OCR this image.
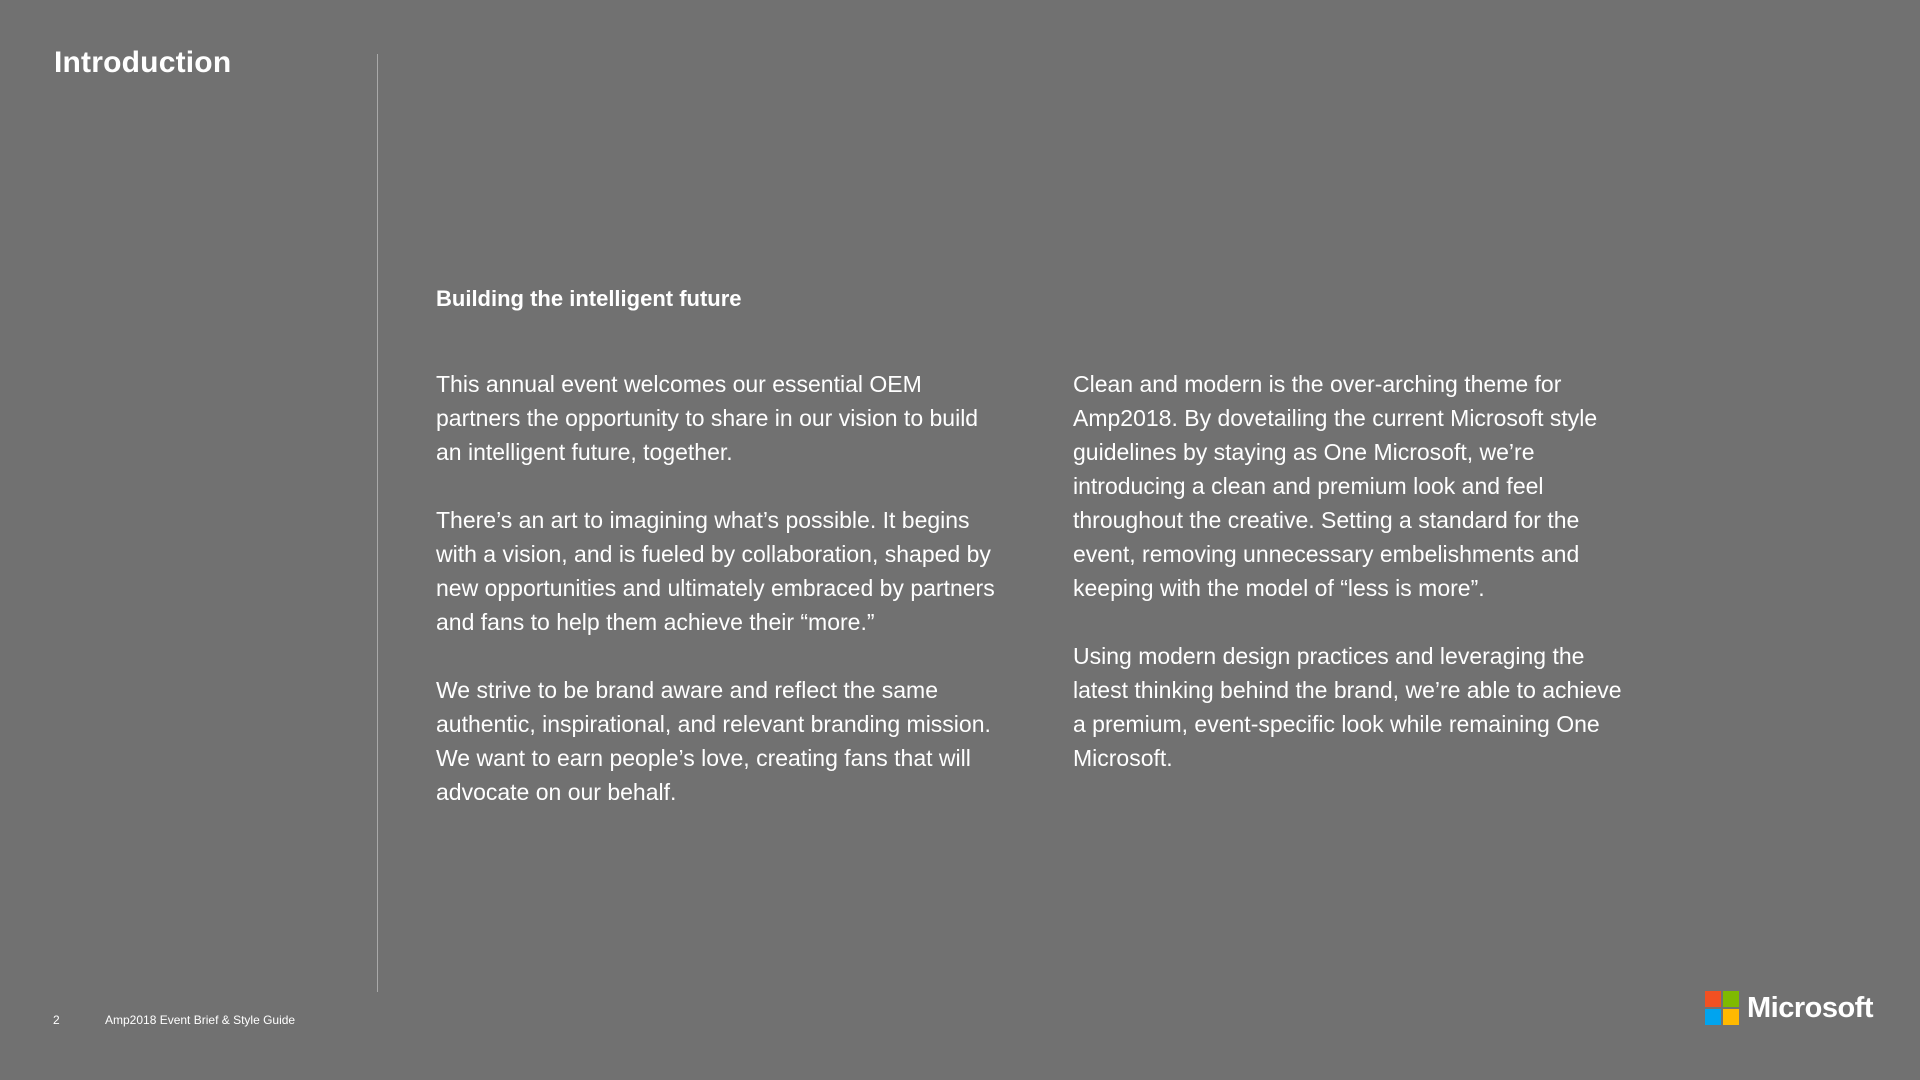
Introduction
Building the intelligent future

This annual event welcomes our essential OEM partners the opportunity to share in our vision to build an intelligent future, together.

There’s an art to imagining what’s possible. It begins with a vision, and is fueled by collaboration, shaped by new opportunities and ultimately embraced by partners and fans to help them achieve their “more.”

We strive to be brand aware and reflect the same authentic, inspirational, and relevant branding mission. We want to earn people’s love, creating fans that will advocate on our behalf.

Clean and modern is the over-arching theme for Amp2018. By dovetailing the current Microsoft style guidelines by staying as One Microsoft, we’re introducing a clean and premium look and feel throughout the creative. Setting a standard for the event, removing unnecessary embelishments and keeping with the model of “less is more”.

Using modern design practices and leveraging the latest thinking behind the brand, we’re able to achieve a premium, event-specific look while remaining One Microsoft.

2	Amp2018 Event Brief & Style Guide	Microsoft
